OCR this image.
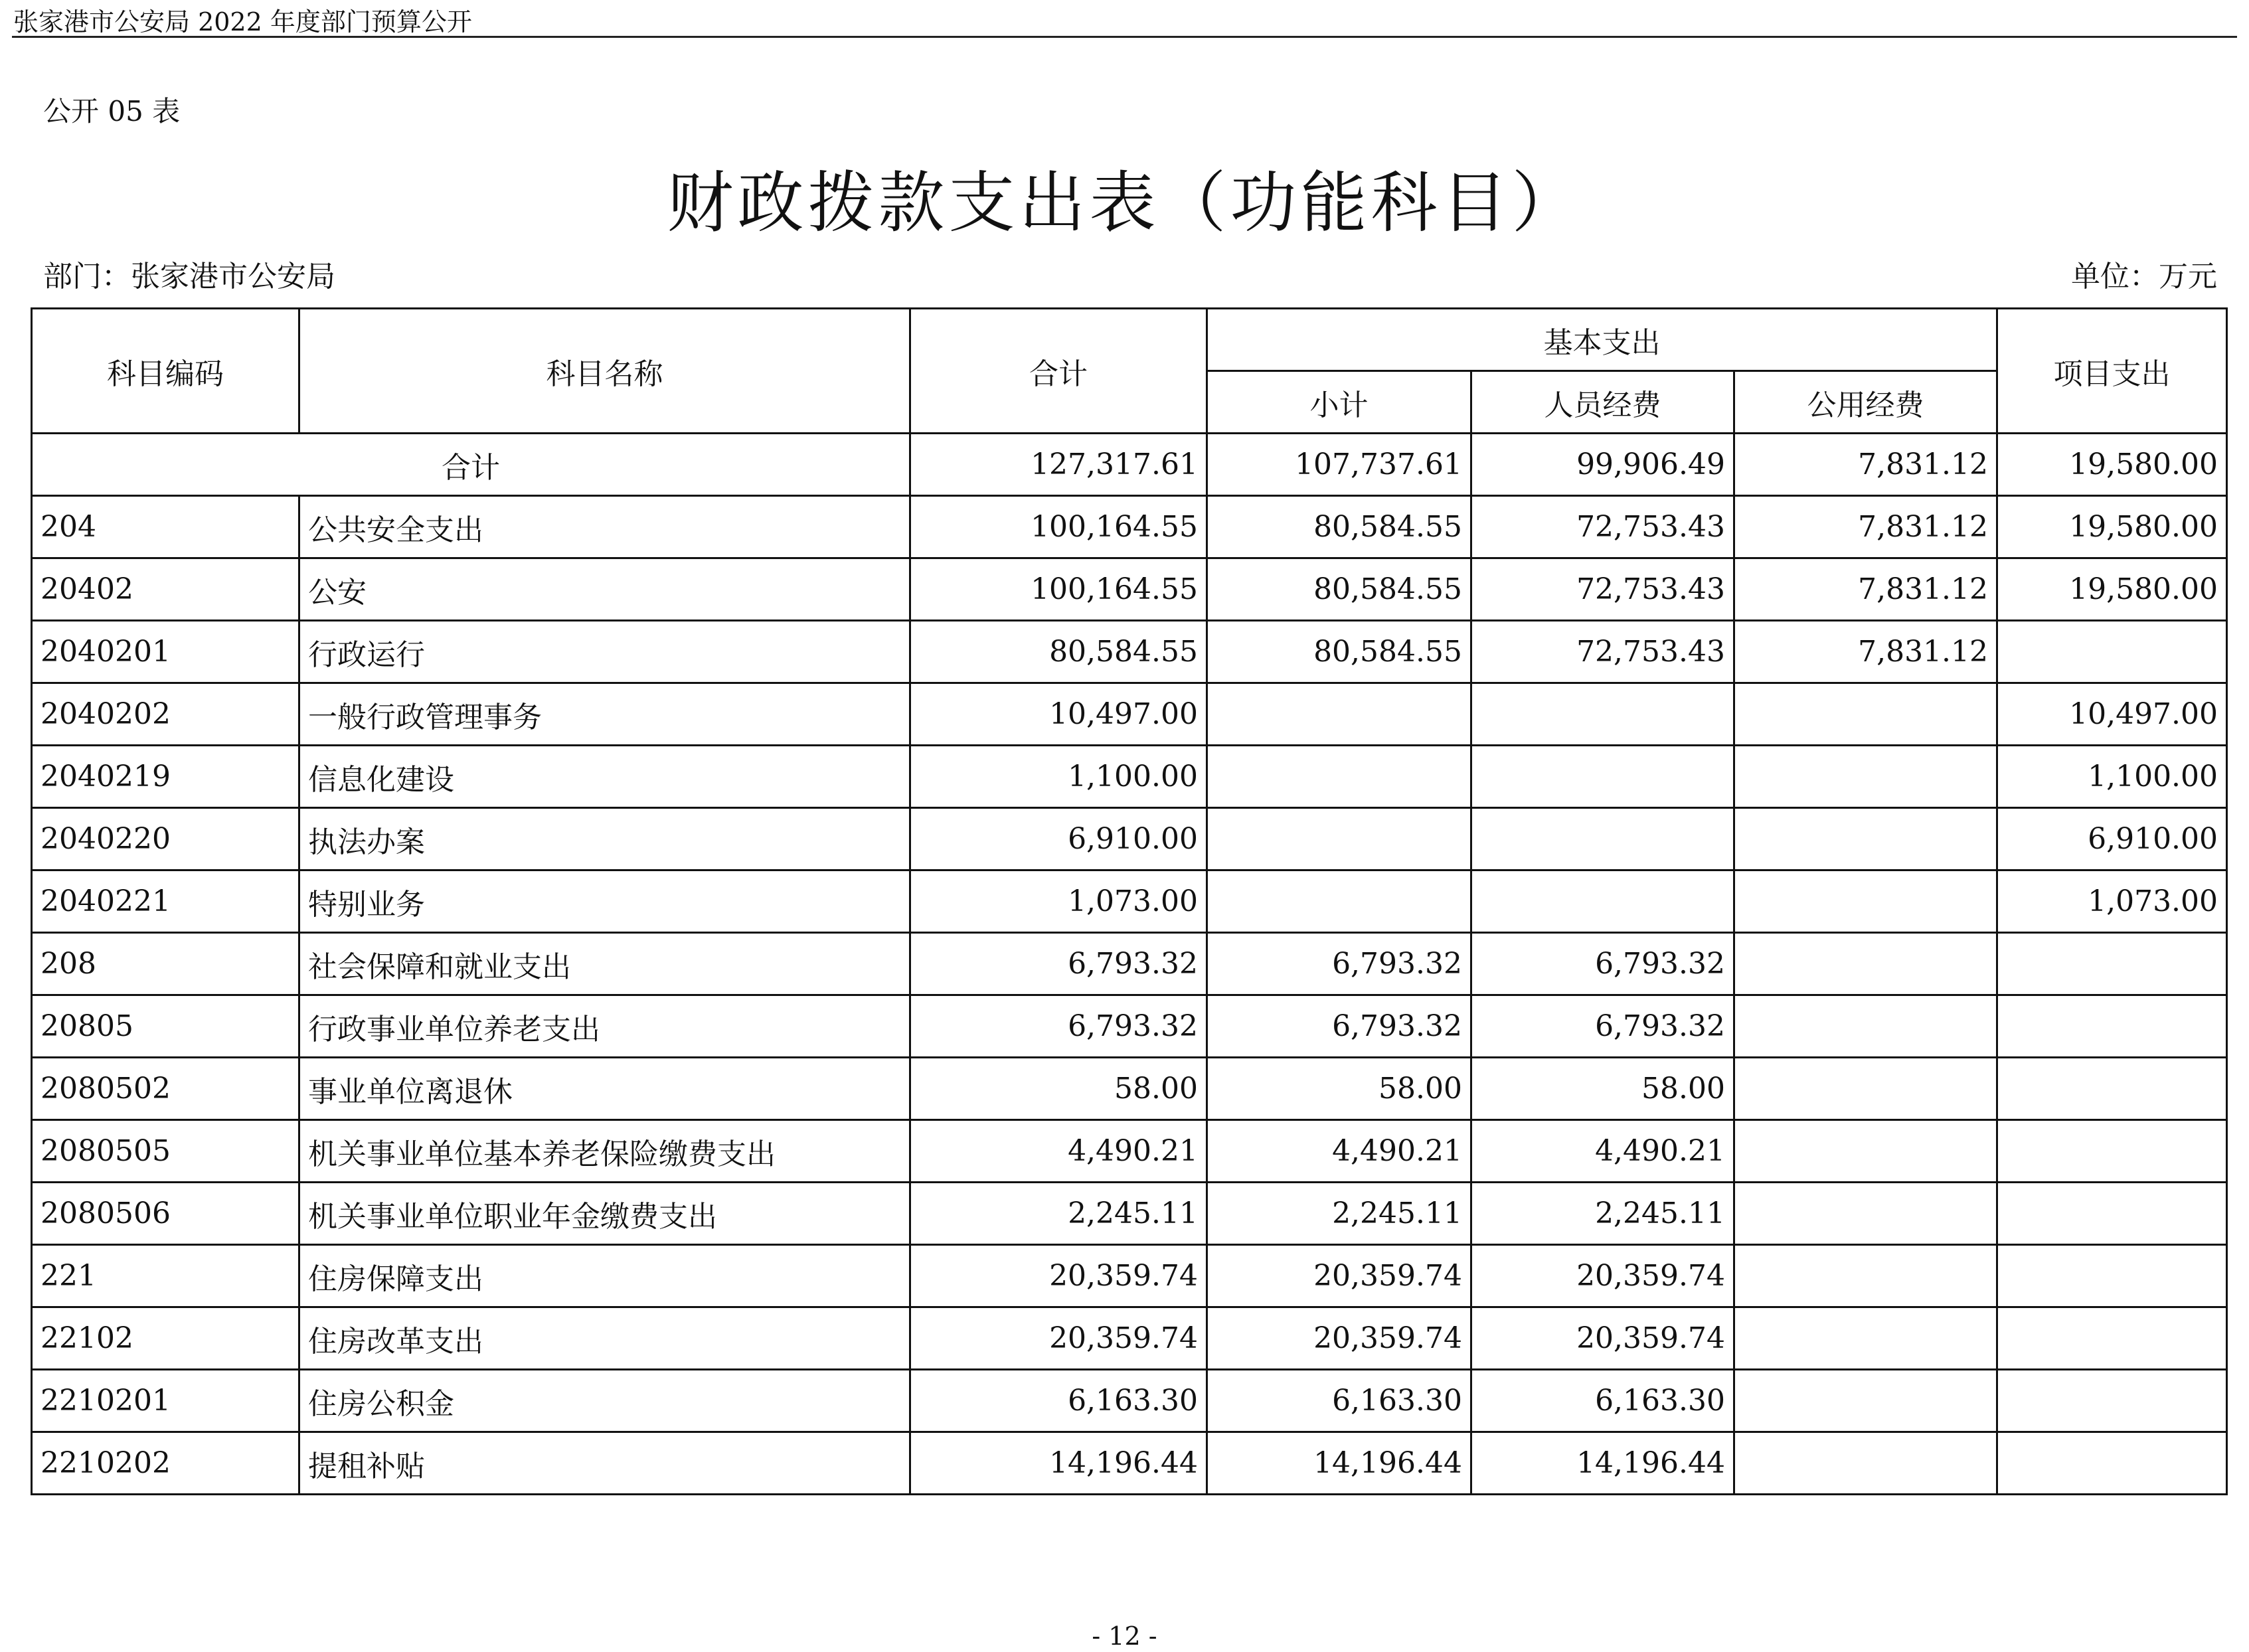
张家港市公安局 2022 年度部门预算公开
公开 05 表
财政拨款支出表（功能科目）
部门：张家港市公安局	单位：万元
科目编码	科目名称	合计	基本支出			项目支出
			小计	人员经费	公用经费	
合计		127,317.61	107,737.61	99,906.49	7,831.12	19,580.00
204	公共安全支出	100,164.55	80,584.55	72,753.43	7,831.12	19,580.00
20402	公安	100,164.55	80,584.55	72,753.43	7,831.12	19,580.00
2040201	行政运行	80,584.55	80,584.55	72,753.43	7,831.12	
2040202	一般行政管理事务	10,497.00				10,497.00
2040219	信息化建设	1,100.00				1,100.00
2040220	执法办案	6,910.00				6,910.00
2040221	特别业务	1,073.00				1,073.00
208	社会保障和就业支出	6,793.32	6,793.32	6,793.32		
20805	行政事业单位养老支出	6,793.32	6,793.32	6,793.32		
2080502	事业单位离退休	58.00	58.00	58.00		
2080505	机关事业单位基本养老保险缴费支出	4,490.21	4,490.21	4,490.21		
2080506	机关事业单位职业年金缴费支出	2,245.11	2,245.11	2,245.11		
221	住房保障支出	20,359.74	20,359.74	20,359.74		
22102	住房改革支出	20,359.74	20,359.74	20,359.74		
2210201	住房公积金	6,163.30	6,163.30	6,163.30		
2210202	提租补贴	14,196.44	14,196.44	14,196.44		
- 12 -
